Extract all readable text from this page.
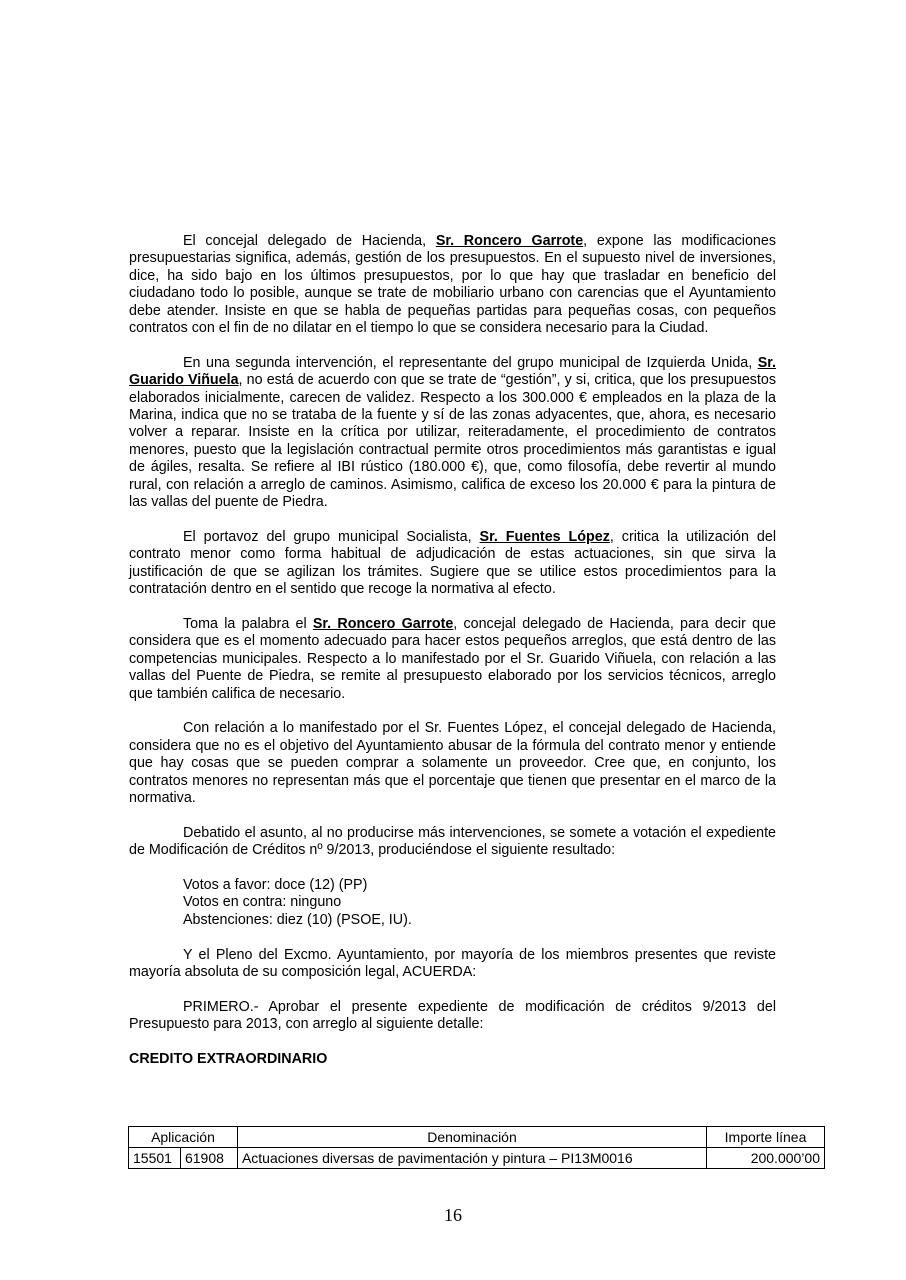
El concejal delegado de Hacienda, Sr. Roncero Garrote, expone las modificaciones presupuestarias significa, además, gestión de los presupuestos. En el supuesto nivel de inversiones, dice, ha sido bajo en los últimos presupuestos, por lo que hay que trasladar en beneficio del ciudadano todo lo posible, aunque se trate de mobiliario urbano con carencias que el Ayuntamiento debe atender. Insiste en que se habla de pequeñas partidas para pequeñas cosas, con pequeños contratos con el fin de no dilatar en el tiempo lo que se considera necesario para la Ciudad.

En una segunda intervención, el representante del grupo municipal de Izquierda Unida, Sr. Guarido Viñuela, no está de acuerdo con que se trate de “gestión”, y si, critica, que los presupuestos elaborados inicialmente, carecen de validez. Respecto a los 300.000 € empleados en la plaza de la Marina, indica que no se trataba de la fuente y sí de las zonas adyacentes, que, ahora, es necesario volver a reparar. Insiste en la crítica por utilizar, reiteradamente, el procedimiento de contratos menores, puesto que la legislación contractual permite otros procedimientos más garantistas e igual de ágiles, resalta. Se refiere al IBI rústico (180.000 €), que, como filosofía, debe revertir al mundo rural, con relación a arreglo de caminos. Asimismo, califica de exceso los 20.000 € para la pintura de las vallas del puente de Piedra.

El portavoz del grupo municipal Socialista, Sr. Fuentes López, critica la utilización del contrato menor como forma habitual de adjudicación de estas actuaciones, sin que sirva la justificación de que se agilizan los trámites. Sugiere que se utilice estos procedimientos para la contratación dentro en el sentido que recoge la normativa al efecto.

Toma la palabra el Sr. Roncero Garrote, concejal delegado de Hacienda, para decir que considera que es el momento adecuado para hacer estos pequeños arreglos, que está dentro de las competencias municipales. Respecto a lo manifestado por el Sr. Guarido Viñuela, con relación a las vallas del Puente de Piedra, se remite al presupuesto elaborado por los servicios técnicos, arreglo que también califica de necesario.

Con relación a lo manifestado por el Sr. Fuentes López, el concejal delegado de Hacienda, considera que no es el objetivo del Ayuntamiento abusar de la fórmula del contrato menor y entiende que hay cosas que se pueden comprar a solamente un proveedor. Cree que, en conjunto, los contratos menores no representan más que el porcentaje que tienen que presentar en el marco de la normativa.

Debatido el asunto, al no producirse más intervenciones, se somete a votación el expediente de Modificación de Créditos nº 9/2013, produciéndose el siguiente resultado:

Votos a favor: doce (12) (PP)
Votos en contra: ninguno
Abstenciones: diez (10) (PSOE, IU).

Y el Pleno del Excmo. Ayuntamiento, por mayoría de los miembros presentes que reviste mayoría absoluta de su composición legal, ACUERDA:

PRIMERO.- Aprobar el presente expediente de modificación de créditos 9/2013 del Presupuesto para 2013, con arreglo al siguiente detalle:

CREDITO EXTRAORDINARIO
Aplicación		Denominación	Importe línea
15501	61908	Actuaciones diversas de pavimentación y pintura – PI13M0016	200.000’00
16
